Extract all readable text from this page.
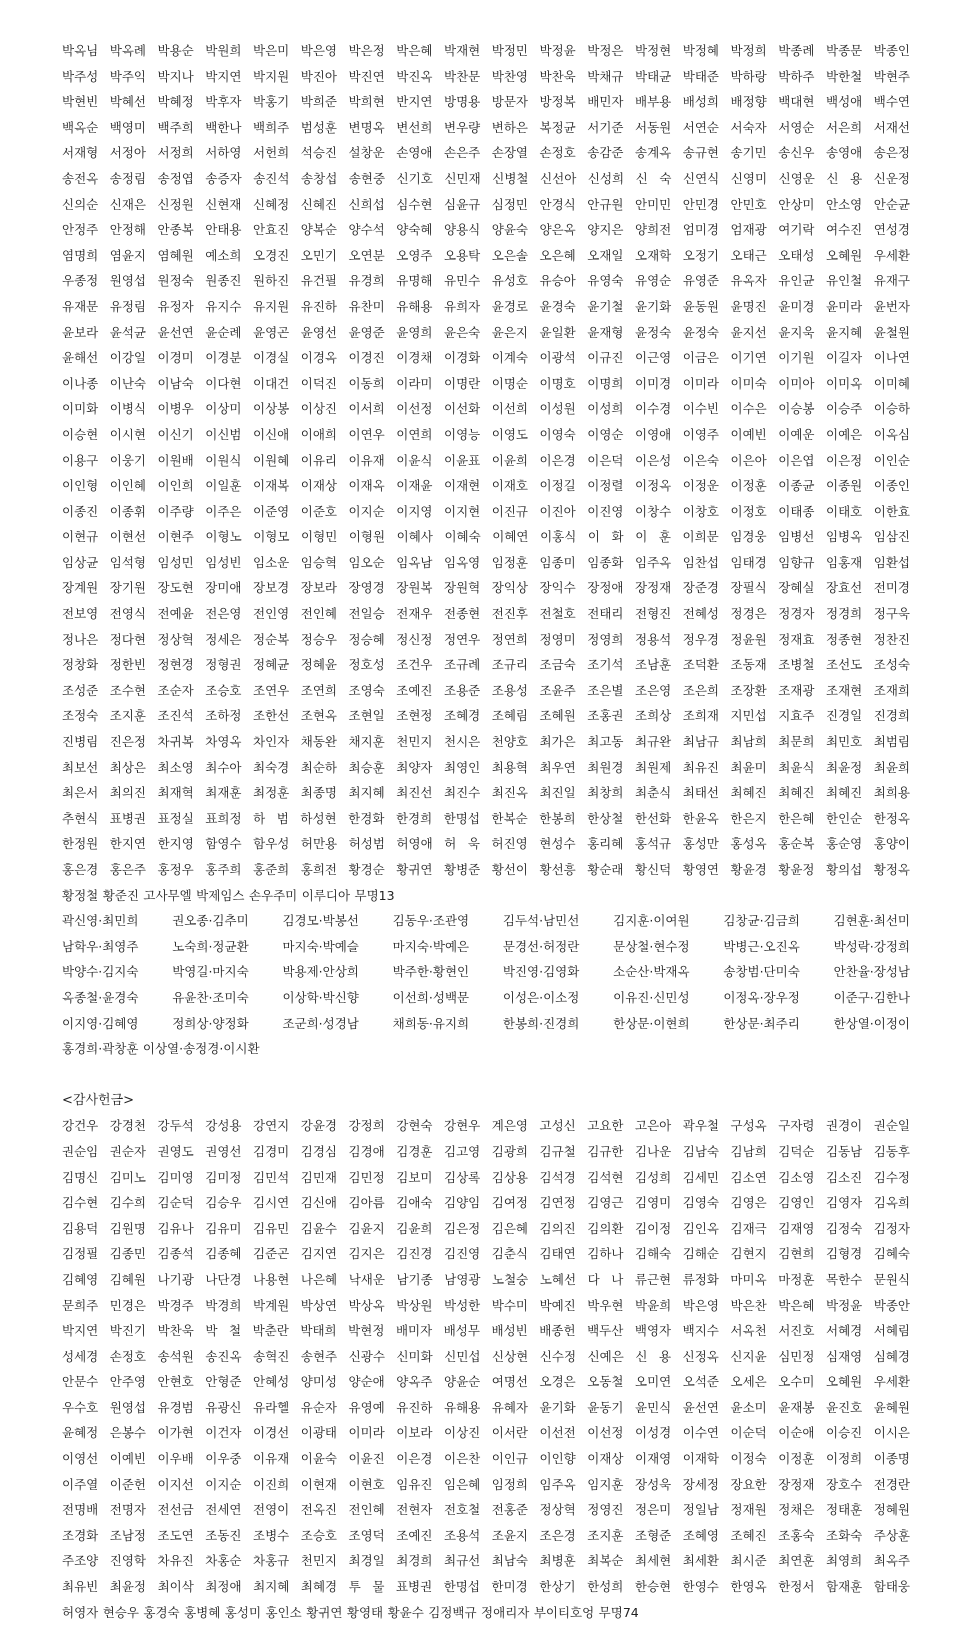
박옥님 박옥례 박용순 박원희 박은미 박은영 박은정 박은혜 박재현 박정민 박정윤 박정은 박정현 박정혜 박정희 박종례 박종문 박종인

박주성 박주익 박지나 박지연 박지원 박진아 박진연 박진옥 박찬문 박찬영 박찬욱 박채규 박태균 박태준 박하랑 박하주 박한철 박현주

박현빈 박혜선 박혜정 박후자 박홍기 박희준 박희현 반지연 방명용 방문자 방정복 배민자 배부용 배성희 배정향 백대현 백성애 백수연

백옥순 백영미 백주희 백한나 백희주 범성훈 변명옥 변선희 변우량 변하은 복정균 서기준 서동원 서연순 서숙자 서영순 서은희 서재선

서재형 서정아 서정희 서하영 서헌희 석승진 설창운 손영애 손은주 손장열 손정호 송감준 송계옥 송규현 송기민 송신우 송영애 송은정

송전옥 송정림 송정엽 송증자 송진석 송창섭 송현중 신기호 신민재 신병철 신선아 신성희 신 숙 신연식 신영미 신영운 신 용 신운정

신의순 신재은 신정원 신현재 신혜정 신혜진 신희섭 심수현 심윤규 심정민 안경식 안규원 안미민 안민경 안민호 안상미 안소영 안순균

안정주 안정해 안종복 안태용 안효진 양복순 양수석 양숙혜 양용식 양윤숙 양은옥 양지은 양희전 엄미경 엄재광 여기락 여수진 연성경

염명희 염윤지 염혜원 예소희 오경진 오민기 오연분 오영주 오용탁 오은솔 오은혜 오재일 오재학 오정기 오태근 오태성 오혜원 우세환

우종정 원영섭 원정숙 원종진 원하진 유건필 유경희 유명해 유민수 유성호 유승아 유영숙 유영순 유영준 유옥자 유인균 유인철 유재구

유재문 유정림 유정자 유지수 유지원 유진하 유찬미 유해용 유희자 윤경로 윤경숙 윤기철 윤기화 윤동원 윤명진 윤미경 윤미라 윤번자

윤보라 윤석균 윤선연 윤순례 윤영곤 윤영선 윤영준 윤영희 윤은숙 윤은지 윤일환 윤재형 윤정숙 윤정숙 윤지선 윤지욱 윤지혜 윤철원

윤해선 이강일 이경미 이경분 이경실 이경옥 이경진 이경채 이경화 이계숙 이광석 이규진 이근영 이금은 이기연 이기원 이길자 이나연

이나종 이난숙 이남숙 이다현 이대건 이덕진 이동희 이라미 이명란 이명순 이명호 이명희 이미경 이미라 이미숙 이미아 이미옥 이미혜

이미화 이병식 이병우 이상미 이상봉 이상진 이서희 이선정 이선화 이선희 이성원 이성희 이수경 이수빈 이수은 이승봉 이승주 이승하

이승현 이시현 이신기 이신범 이신애 이애희 이연우 이연희 이영능 이영도 이영숙 이영순 이영애 이영주 이예빈 이예운 이예은 이옥심

이용구 이웅기 이원배 이원식 이원혜 이유리 이유재 이윤식 이윤표 이윤희 이은경 이은덕 이은성 이은숙 이은아 이은엽 이은정 이인순

이인형 이인혜 이인희 이일훈 이재복 이재상 이재옥 이재윤 이재현 이재호 이정길 이정렬 이정옥 이정운 이정훈 이종균 이종원 이종인

이종진 이종휘 이주량 이주은 이준영 이준호 이지순 이지영 이지현 이진규 이진아 이진영 이창수 이창호 이정호 이태종 이태호 이한효

이현규 이현선 이현주 이형노 이형모 이형민 이형원 이혜사 이혜숙 이혜연 이홍식 이 화 이 훈 이희문 임경웅 임병선 임병옥 임삼진

임상균 임석형 임성민 임성빈 임소운 임승혁 임오순 임옥남 임옥영 임정훈 임종미 임종화 임주옥 임찬섭 임태경 임향규 임홍재 임환섭

장계원 장기원 장도현 장미애 장보경 장보라 장영경 장원복 장원혁 장익상 장익수 장정애 장정재 장준경 장필식 장혜실 장효선 전미경

전보영 전영식 전예윤 전은영 전인영 전인혜 전일승 전재우 전종현 전진후 전철호 전태리 전형진 전혜성 정경은 정경자 정경희 정구욱

정나은 정다현 정상혁 정세은 정순복 정승우 정승혜 정신정 정연우 정연희 정영미 정영희 정용석 정우경 정윤원 정재효 정종현 정찬진

정창화 정한빈 정현경 정형권 정혜균 정혜윤 정호성 조건우 조규례 조규리 조금숙 조기석 조남훈 조덕환 조동재 조병철 조선도 조성숙

조성준 조수현 조순자 조승호 조연우 조연희 조영숙 조예진 조용준 조용성 조윤주 조은별 조은영 조은희 조장환 조재광 조재현 조재희

조정숙 조지훈 조진석 조하정 조한선 조현옥 조현일 조현정 조혜경 조혜림 조혜원 조홍권 조희상 조희재 지민섭 지효주 진경일 진경희

진병림 진은정 차귀복 차영옥 차인자 채동완 채지훈 천민지 천시은 천양호 최가은 최고동 최규완 최남규 최남희 최문희 최민호 최범림

최보선 최상은 최소영 최수아 최숙경 최순하 최승훈 최양자 최영인 최용혁 최우연 최원경 최원제 최유진 최윤미 최윤식 최윤정 최윤희

최은서 최의진 최재혁 최재훈 최정훈 최종명 최지혜 최진선 최진수 최진옥 최진일 최창희 최춘식 최태선 최혜진 최혜진 최혜진 최희용

추현식 표병권 표정실 표희정 하 범 하성현 한경화 한경희 한명섭 한복순 한봉희 한상철 한선화 한윤옥 한은지 한은혜 한인순 한정옥

한정원 한지연 한지영 함영수 함우성 허만용 허성범 허영애 허 욱 허진영 현성수 홍리혜 홍석규 홍성만 홍성옥 홍순복 홍순영 홍양이

홍은경 홍은주 홍정우 홍주희 홍준희 홍희전 황경순 황귀연 황병준 황선이 황선흥 황순래 황신덕 황영연 황윤경 황윤정 황의섭 황정옥

황정철 황준진 고사무엘 박제임스 손우주미 이루디아 무명13

곽신영·최민희 권오종·김추미 김경모·박봉선 김동우·조관영 김두석·남민선 김지훈·이여원 김창균·김금희 김현훈·최선미

남학우·최영주 노숙희·정균환 마지숙·박예슬 마지숙·박예은 문경선·허정란 문상철·현수정 박병근·오진옥 박성락·강정희

박양수·김지숙 박영길·마지숙 박용제·안상희 박주한·황현인 박진영·김영화 소순산·박재옥 송창범·단미숙 안찬율·장성남

옥종철·윤경숙 유윤찬·조미숙 이상학·박신향 이선희·성백문 이성은·이소정 이유진·신민성 이정옥·장우정 이준구·김한나

이지영·김혜영 정희상·양정화 조군희·성경남 채희동·유지희 한봉희·진경희 한상문·이현희 한상문·최주리 한상열·이정이

홍경희·곽창훈 이상열·송정경·이시환

<감사헌금>

강건우 강경천 강두석 강성용 강연지 강윤경 강정희 강현숙 강현우 계은영 고성신 고요한 고은아 곽우철 구성옥 구자령 권경이 권순일

권순임 권순자 권영도 권영선 김경미 김경심 김경애 김경훈 김고영 김광희 김규철 김규한 김나운 김남숙 김남희 김덕순 김동남 김동후

김명신 김미노 김미영 김미정 김민석 김민재 김민정 김보미 김상록 김상용 김석경 김석현 김성희 김세민 김소연 김소영 김소진 김수정

김수현 김수희 김순덕 김승우 김시연 김신애 김아름 김애숙 김양임 김여정 김연정 김영근 김영미 김영숙 김영은 김영인 김영자 김옥희

김용덕 김원명 김유나 김유미 김유민 김윤수 김윤지 김윤희 김은정 김은혜 김의진 김의환 김이정 김인옥 김재극 김재영 김정숙 김정자

김정필 김종민 김종석 김종혜 김준곤 김지연 김지은 김진경 김진영 김춘식 김태연 김하나 김해숙 김해순 김현지 김현희 김형경 김혜숙

김혜영 김혜원 나기광 나단경 나용현 나은혜 낙새운 남기종 남영광 노철숭 노혜선 다 나 류근현 류정화 마미옥 마정훈 목한수 문원식

문희주 민경은 박경주 박경희 박계원 박상연 박상옥 박상원 박성한 박수미 박예진 박우현 박윤희 박은영 박은찬 박은혜 박정윤 박종안

박지연 박진기 박찬욱 박 철 박춘란 박태희 박현정 배미자 배성무 배성빈 배종헌 백두산 백영자 백지수 서옥천 서진호 서혜경 서혜림

성세경 손정호 송석원 송진옥 송혁진 송현주 신광수 신미화 신민섭 신상현 신수정 신예은 신 용 신정옥 신지윤 심민정 심재영 심혜경

안문수 안주영 안현호 안형준 안혜성 양미성 양순애 양옥주 양윤순 여명선 오경은 오동철 오미연 오석준 오세은 오수미 오혜원 우세환

우수호 원영섭 유경범 유광신 유라헬 유순자 유영예 유진하 유해용 유혜자 윤기화 윤동기 윤민식 윤선연 윤소미 윤재봉 윤진호 윤혜원

윤혜정 은봉수 이가현 이건자 이경선 이광태 이미라 이보라 이상진 이서란 이선전 이선정 이성경 이수연 이순덕 이순애 이승진 이시은

이영선 이예빈 이우배 이우중 이유재 이윤숙 이윤진 이은경 이은찬 이인규 이인향 이재상 이재영 이재학 이정숙 이정훈 이정희 이종명

이주열 이준헌 이지선 이지순 이진희 이현재 이현호 임유진 임은혜 임정희 임주옥 임지훈 장성욱 장세정 장요한 장정재 장호수 전경란

전명배 전명자 전선금 전세연 전영이 전옥진 전인혜 전현자 전호철 전홍준 정상혁 정영진 정은미 정일남 정재원 정채은 정태훈 정혜원

조경화 조남정 조도연 조동진 조병수 조승호 조영덕 조예진 조용석 조윤지 조은경 조지훈 조형준 조혜영 조혜진 조홍숙 조화숙 주상훈

주조양 진영학 차유진 차홍순 차홍규 천민지 최경일 최경희 최규선 최남숙 최병훈 최복순 최세현 최세환 최시준 최연훈 최영희 최옥주

최유빈 최윤정 최이삭 최정애 최지혜 최혜경 투 물 표병권 한명섭 한미경 한상기 한성희 한승현 한영수 한영옥 한정서 함재훈 함태웅

허영자 현승우 홍경숙 홍병혜 홍성미 홍인소 황귀연 황영태 황윤수 김정백규 정애리자 부이티호엉 무명74
